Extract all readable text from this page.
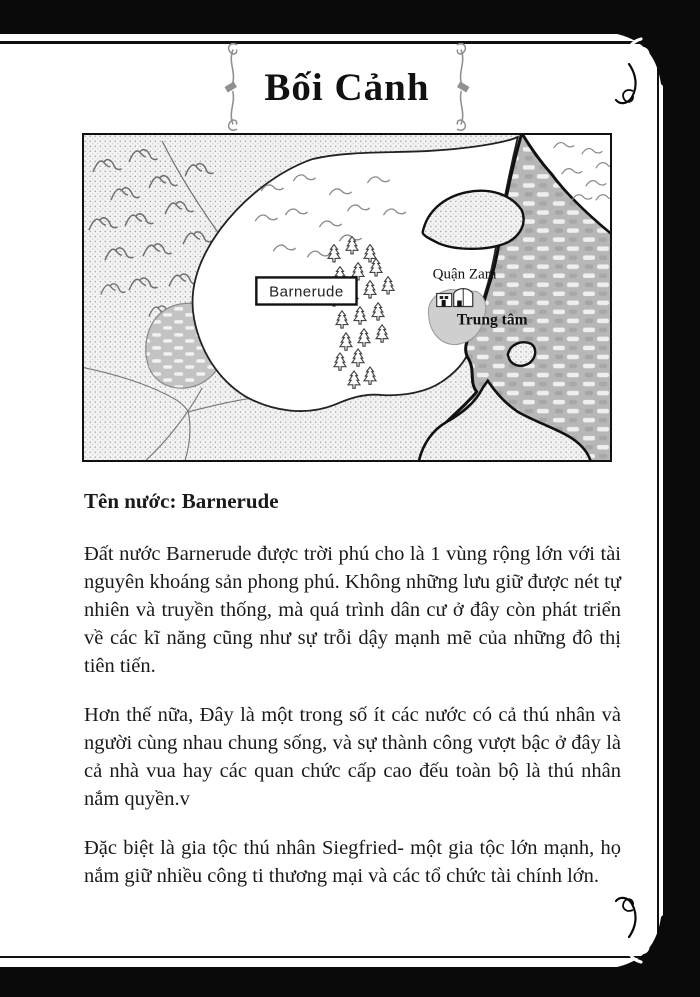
Bối Cảnh
Barnerude
Quận Zara
Trung tâm
Tên nước: Barnerude

Đất nước Barnerude được trời phú cho là 1 vùng rộng lớn với tài nguyên khoáng sản phong phú. Không những lưu giữ được nét tự nhiên và truyền thống, mà quá trình dân cư ở đây còn phát triển về các kĩ năng cũng như sự trỗi dậy mạnh mẽ của những đô thị tiên tiến.

Hơn thế nữa, Đây là một trong số ít các nước có cả thú nhân và người cùng nhau chung sống, và sự thành công vượt bậc ở đây là cả nhà vua hay các quan chức cấp cao đếu toàn bộ là thú nhân nắm quyền.v

Đặc biệt là gia tộc thú nhân Siegfried- một gia tộc lớn mạnh, họ nắm giữ nhiều công ti thương mại và các tổ chức tài chính lớn.
